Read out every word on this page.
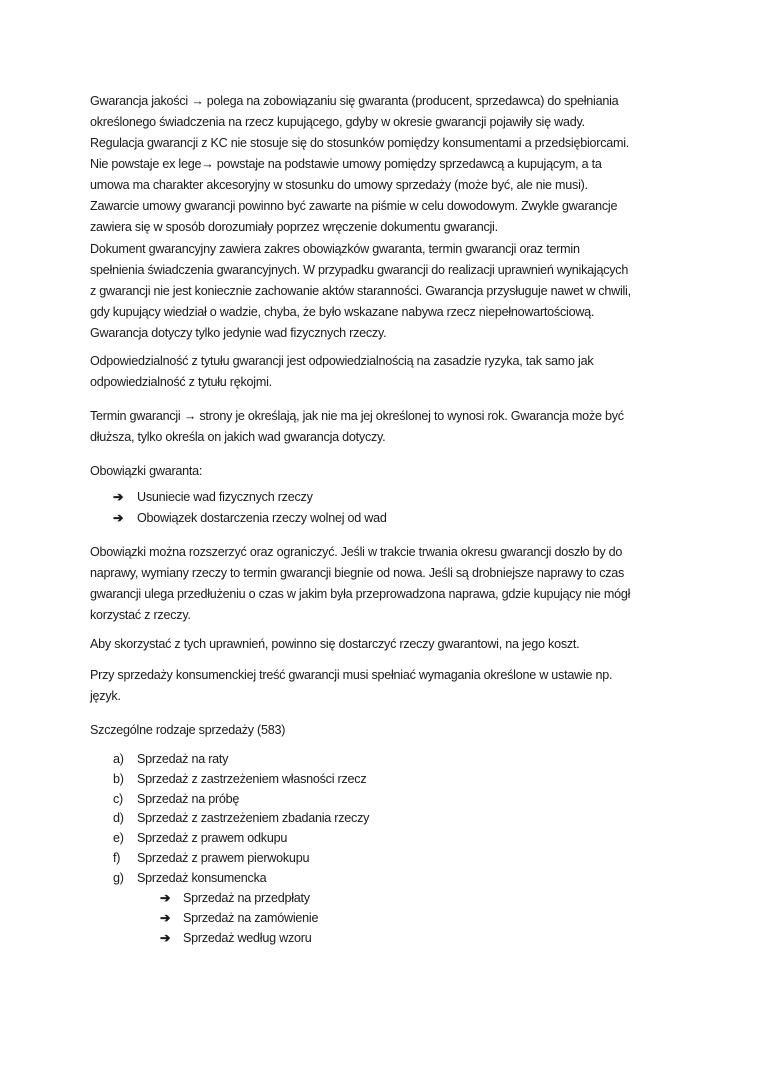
Gwarancja jakości → polega na zobowiązaniu się gwaranta (producent, sprzedawca) do spełniania
określonego świadczenia na rzecz kupującego, gdyby w okresie gwarancji pojawiły się wady.
Regulacja gwarancji z KC nie stosuje się do stosunków pomiędzy konsumentami a przedsiębiorcami.
Nie powstaje ex lege→ powstaje na podstawie umowy pomiędzy sprzedawcą a kupującym, a ta
umowa ma charakter akcesoryjny w stosunku do umowy sprzedaży (może być, ale nie musi).
Zawarcie umowy gwarancji powinno być zawarte na piśmie w celu dowodowym. Zwykle gwarancje
zawiera się w sposób dorozumiały poprzez wręczenie dokumentu gwarancji.
Dokument gwarancyjny zawiera zakres obowiązków gwaranta, termin gwarancji oraz termin
spełnienia świadczenia gwarancyjnych. W przypadku gwarancji do realizacji uprawnień wynikających
z gwarancji nie jest koniecznie zachowanie aktów staranności. Gwarancja przysługuje nawet w chwili,
gdy kupujący wiedział o wadzie, chyba, że było wskazane nabywa rzecz niepełnowartościową.
Gwarancja dotyczy tylko jedynie wad fizycznych rzeczy.
Odpowiedzialność z tytułu gwarancji jest odpowiedzialnością na zasadzie ryzyka, tak samo jak
odpowiedzialność z tytułu rękojmi.
Termin gwarancji → strony je określają, jak nie ma jej określonej to wynosi rok. Gwarancja może być
dłuższa, tylko określa on jakich wad gwarancja dotyczy.
Obowiązki gwaranta:
Obowiązki można rozszerzyć oraz ograniczyć. Jeśli w trakcie trwania okresu gwarancji doszło by do
naprawy, wymiany rzeczy to termin gwarancji biegnie od nowa. Jeśli są drobniejsze naprawy to czas
gwarancji ulega przedłużeniu o czas w jakim była przeprowadzona naprawa, gdzie kupujący nie mógł
korzystać z rzeczy.
Aby skorzystać z tych uprawnień, powinno się dostarczyć rzeczy gwarantowi, na jego koszt.
Przy sprzedaży konsumenckiej treść gwarancji musi spełniać wymagania określone w ustawie np.
język.
Szczególne rodzaje sprzedaży (583)
➔ Usuniecie wad fizycznych rzeczy
➔ Obowiązek dostarczenia rzeczy wolnej od wad
a) Sprzedaż na raty
b) Sprzedaż z zastrzeżeniem własności rzecz
c) Sprzedaż na próbę
d) Sprzedaż z zastrzeżeniem zbadania rzeczy
e) Sprzedaż z prawem odkupu
f) Sprzedaż z prawem pierwokupu
g) Sprzedaż konsumencka
➔ Sprzedaż na przedpłaty
➔ Sprzedaż na zamówienie
➔ Sprzedaż według wzoru
